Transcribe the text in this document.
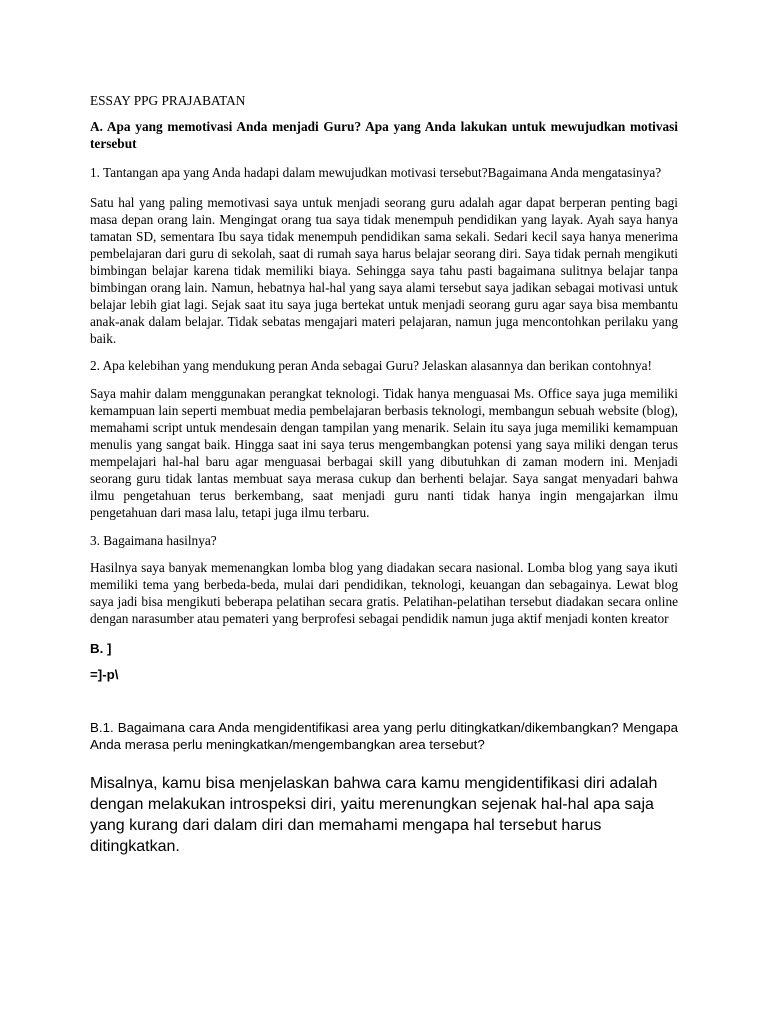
ESSAY PPG PRAJABATAN

A. Apa yang memotivasi Anda menjadi Guru? Apa yang Anda lakukan untuk mewujudkan motivasi tersebut

1. Tantangan apa yang Anda hadapi dalam mewujudkan motivasi tersebut?Bagaimana Anda mengatasinya?

Satu hal yang paling memotivasi saya untuk menjadi seorang guru adalah agar dapat berperan penting bagi masa depan orang lain. Mengingat orang tua saya tidak menempuh pendidikan yang layak. Ayah saya hanya tamatan SD, sementara Ibu saya tidak menempuh pendidikan sama sekali. Sedari kecil saya hanya menerima pembelajaran dari guru di sekolah, saat di rumah saya harus belajar seorang diri. Saya tidak pernah mengikuti bimbingan belajar karena tidak memiliki biaya. Sehingga saya tahu pasti bagaimana sulitnya belajar tanpa bimbingan orang lain. Namun, hebatnya hal-hal yang saya alami tersebut saya jadikan sebagai motivasi untuk belajar lebih giat lagi. Sejak saat itu saya juga bertekat untuk menjadi seorang guru agar saya bisa membantu anak-anak dalam belajar. Tidak sebatas mengajari materi pelajaran, namun juga mencontohkan perilaku yang baik.

2. Apa kelebihan yang mendukung peran Anda sebagai Guru? Jelaskan alasannya dan berikan contohnya!

Saya mahir dalam menggunakan perangkat teknologi. Tidak hanya menguasai Ms. Office saya juga memiliki kemampuan lain seperti membuat media pembelajaran berbasis teknologi, membangun sebuah website (blog), memahami script untuk mendesain dengan tampilan yang menarik. Selain itu saya juga memiliki kemampuan menulis yang sangat baik. Hingga saat ini saya terus mengembangkan potensi yang saya miliki dengan terus mempelajari hal-hal baru agar menguasai berbagai skill yang dibutuhkan di zaman modern ini. Menjadi seorang guru tidak lantas membuat saya merasa cukup dan berhenti belajar. Saya sangat menyadari bahwa ilmu pengetahuan terus berkembang, saat menjadi guru nanti tidak hanya ingin mengajarkan ilmu pengetahuan dari masa lalu, tetapi juga ilmu terbaru.

3. Bagaimana hasilnya?

Hasilnya saya banyak memenangkan lomba blog yang diadakan secara nasional. Lomba blog yang saya ikuti memiliki tema yang berbeda-beda, mulai dari pendidikan, teknologi, keuangan dan sebagainya. Lewat blog saya jadi bisa mengikuti beberapa pelatihan secara gratis. Pelatihan-pelatihan tersebut diadakan secara online dengan narasumber atau pemateri yang berprofesi sebagai pendidik namun juga aktif menjadi konten kreator

B. ]

=]-p\

B.1. Bagaimana cara Anda mengidentifikasi area yang perlu ditingkatkan/dikembangkan? Mengapa Anda merasa perlu meningkatkan/mengembangkan area tersebut?

Misalnya, kamu bisa menjelaskan bahwa cara kamu mengidentifikasi diri adalah dengan melakukan introspeksi diri, yaitu merenungkan sejenak hal-hal apa saja yang kurang dari dalam diri dan memahami mengapa hal tersebut harus ditingkatkan.
